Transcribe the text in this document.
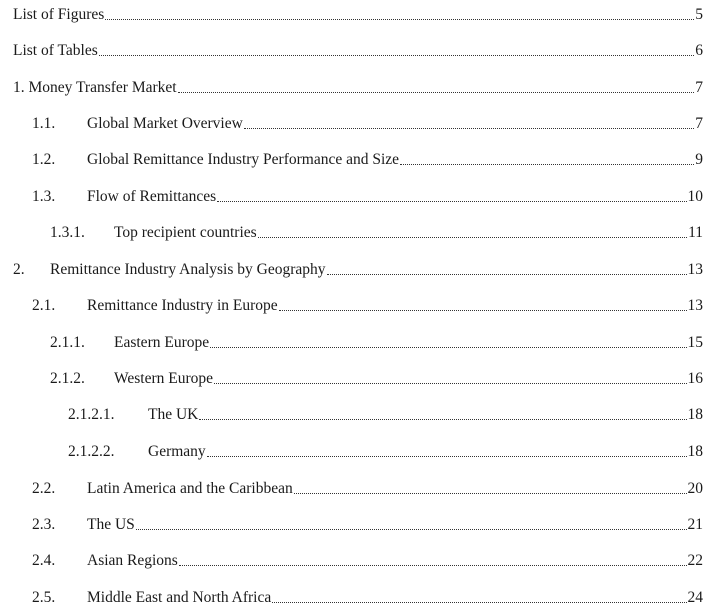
List of Figures	5
List of Tables	6
1. Money Transfer Market	7
1.1.	Global Market Overview	7
1.2.	Global Remittance Industry Performance and Size	9
1.3.	Flow of Remittances	10
1.3.1.	Top recipient countries	11
2.	Remittance Industry Analysis by Geography	13
2.1.	Remittance Industry in Europe	13
2.1.1.	Eastern Europe	15
2.1.2.	Western Europe	16
2.1.2.1.	The UK	18
2.1.2.2.	Germany	18
2.2.	Latin America and the Caribbean	20
2.3.	The US	21
2.4.	Asian Regions	22
2.5.	Middle East and North Africa	24
